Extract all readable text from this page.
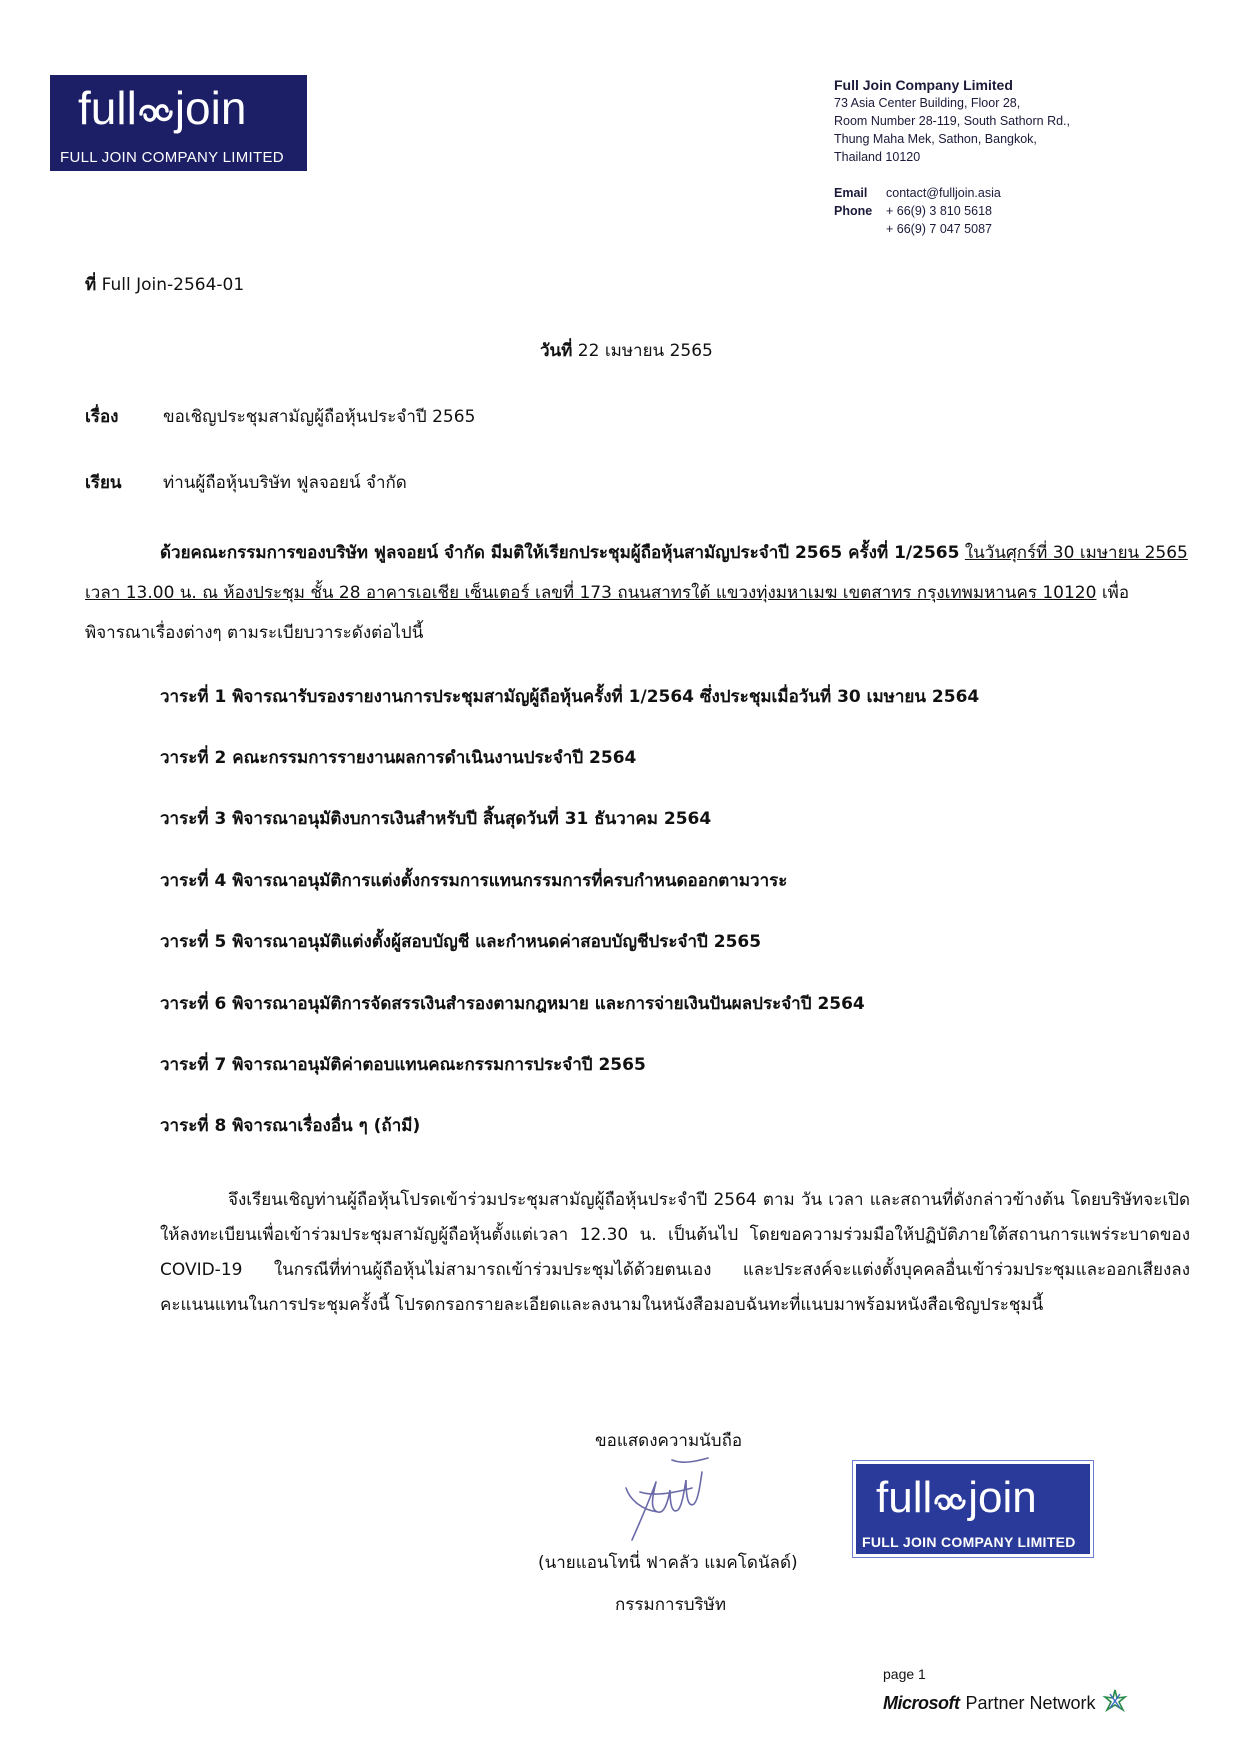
full join
FULL JOIN COMPANY LIMITED
Full Join Company Limited
73 Asia Center Building, Floor 28,
Room Number 28-119, South Sathorn Rd.,
Thung Maha Mek, Sathon, Bangkok,
Thailand 10120
Email	contact@fulljoin.asia
Phone	+ 66(9) 3 810 5618
+ 66(9) 7 047 5087
ที่ Full Join-2564-01
วันที่ 22 เมษายน 2565
เรื่อง	ขอเชิญประชุมสามัญผู้ถือหุ้นประจำปี 2565
เรียน ท่านผู้ถือหุ้นบริษัท ฟูลจอยน์ จำกัด

ด้วยคณะกรรมการของบริษัท ฟูลจอยน์ จำกัด มีมติให้เรียกประชุมผู้ถือหุ้นสามัญประจำปี 2565 ครั้งที่ 1/2565 ในวันศุกร์ที่ 30 เมษายน 2565 เวลา 13.00 น. ณ ห้องประชุม ชั้น 28 อาคารเอเชีย เซ็นเตอร์ เลขที่ 173 ถนนสาทรใต้ แขวงทุ่งมหาเมฆ เขตสาทร กรุงเทพมหานคร 10120 เพื่อพิจารณาเรื่องต่างๆ ตามระเบียบวาระดังต่อไปนี้

วาระที่ 1 พิจารณารับรองรายงานการประชุมสามัญผู้ถือหุ้นครั้งที่ 1/2564 ซึ่งประชุมเมื่อวันที่ 30 เมษายน 2564
วาระที่ 2 คณะกรรมการรายงานผลการดำเนินงานประจำปี 2564
วาระที่ 3 พิจารณาอนุมัติงบการเงินสำหรับปี สิ้นสุดวันที่ 31 ธันวาคม 2564
วาระที่ 4 พิจารณาอนุมัติการแต่งตั้งกรรมการแทนกรรมการที่ครบกำหนดออกตามวาระ
วาระที่ 5 พิจารณาอนุมัติแต่งตั้งผู้สอบบัญชี และกำหนดค่าสอบบัญชีประจำปี 2565
วาระที่ 6 พิจารณาอนุมัติการจัดสรรเงินสำรองตามกฎหมาย และการจ่ายเงินปันผลประจำปี 2564
วาระที่ 7 พิจารณาอนุมัติค่าตอบแทนคณะกรรมการประจำปี 2565
วาระที่ 8 พิจารณาเรื่องอื่น ๆ (ถ้ามี)

จึงเรียนเชิญท่านผู้ถือหุ้นโปรดเข้าร่วมประชุมสามัญผู้ถือหุ้นประจำปี 2564 ตาม วัน เวลา และสถานที่ดังกล่าวข้างต้น โดยบริษัทจะเปิดให้ลงทะเบียนเพื่อเข้าร่วมประชุมสามัญผู้ถือหุ้นตั้งแต่เวลา 12.30 น. เป็นต้นไป โดยขอความร่วมมือให้ปฏิบัติภายใต้สถานการแพร่ระบาดของ COVID-19 ในกรณีที่ท่านผู้ถือหุ้นไม่สามารถเข้าร่วมประชุมได้ด้วยตนเอง และประสงค์จะแต่งตั้งบุคคลอื่นเข้าร่วมประชุมและออกเสียงลงคะแนนแทนในการประชุมครั้งนี้ โปรดกรอกรายละเอียดและลงนามในหนังสือมอบฉันทะที่แนบมาพร้อมหนังสือเชิญประชุมนี้

ขอแสดงความนับถือ
(นายแอนโทนี่ ฟาคลัว แมคโดนัลด์)
กรรมการบริษัท
full join
FULL JOIN COMPANY LIMITED
page 1
Microsoft Partner Network
